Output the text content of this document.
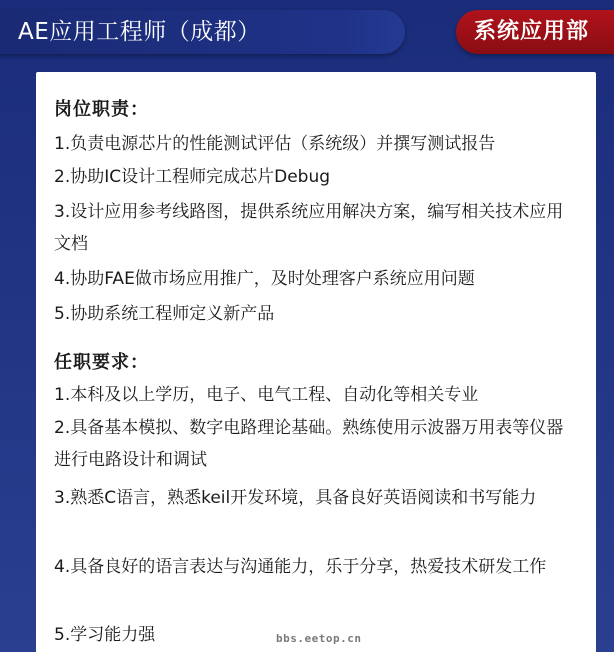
AE应用工程师（成都）	系统应用部
岗位职责：
1.负责电源芯片的性能测试评估（系统级）并撰写测试报告
2.协助IC设计工程师完成芯片Debug
3.设计应用参考线路图，提供系统应用解决方案，编写相关技术应用文档
4.协助FAE做市场应用推广，及时处理客户系统应用问题
5.协助系统工程师定义新产品
任职要求：
1.本科及以上学历，电子、电气工程、自动化等相关专业
2.具备基本模拟、数字电路理论基础。熟练使用示波器万用表等仪器进行电路设计和调试
3.熟悉C语言，熟悉keil开发环境，具备良好英语阅读和书写能力
4.具备良好的语言表达与沟通能力，乐于分享，热爱技术研发工作
5.学习能力强	bbs.eetop.cn
